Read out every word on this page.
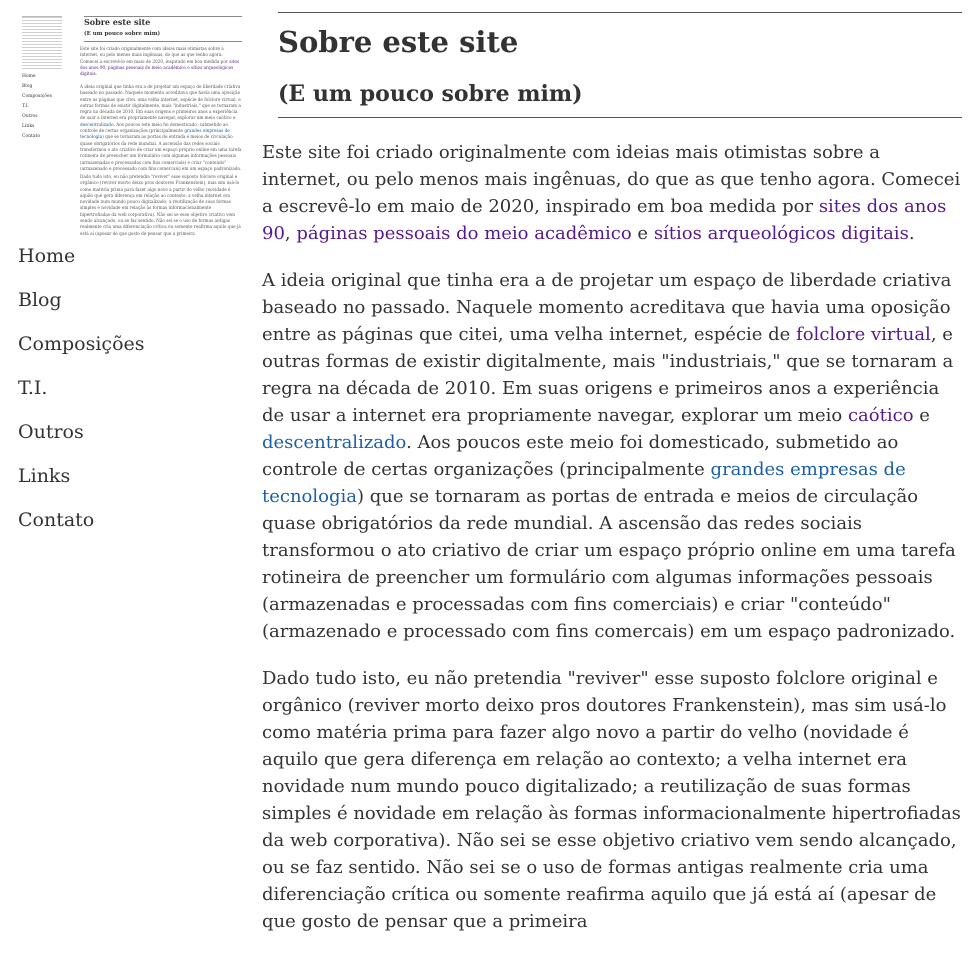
Home
Blog
Composições
T.I.
Outros
Links
Contato
Sobre este site
(E um pouco sobre mim)
Este site foi criado originalmente com ideias mais otimistas sobre a internet, ou pelo menos mais ingênuas, do que as que tenho agora. Comecei a escrevê-lo em maio de 2020, inspirado em boa medida por sites dos anos 90, páginas pessoais do meio acadêmico e sítios arqueológicos digitais.
A ideia original que tinha era a de projetar um espaço de liberdade criativa baseado no passado. Naquele momento acreditava que havia uma oposição entre as páginas que citei, uma velha internet, espécie de folclore virtual, e outras formas de existir digitalmente, mais "industriais," que se tornaram a regra na década de 2010. Em suas origens e primeiros anos a experiência de usar a internet era propriamente navegar, explorar um meio caótico e descentralizado. Aos poucos este meio foi domesticado, submetido ao controle de certas organizações (principalmente grandes empresas de tecnologia) que se tornaram as portas de entrada e meios de circulação quase obrigatórios da rede mundial. A ascensão das redes sociais transformou o ato criativo de criar um espaço próprio online em uma tarefa rotineira de preencher um formulário com algumas informações pessoais (armazenadas e processadas com fins comerciais) e criar "conteúdo" (armazenado e processado com fins comercais) em um espaço padronizado.
Dado tudo isto, eu não pretendia "reviver" esse suposto folclore original e orgânico (reviver morto deixo pros doutores Frankenstein), mas sim usá-lo como matéria prima para fazer algo novo a partir do velho (novidade é aquilo que gera diferença em relação ao contexto; a velha internet era novidade num mundo pouco digitalizado; a reutilização de suas formas simples é novidade em relação às formas informacionalmente hipertrofiadas da web corporativa). Não sei se esse objetivo criativo vem sendo alcançado, ou se faz sentido. Não sei se o uso de formas antigas realmente cria uma diferenciação crítica ou somente reafirma aquilo que já está aí (apesar de que gosto de pensar que a primeira
Home
Blog
Composições
T.I.
Outros
Links
Contato
Sobre este site
(E um pouco sobre mim)

Este site foi criado originalmente com ideias mais otimistas sobre a internet, ou pelo menos mais ingênuas, do que as que tenho agora. Comecei a escrevê-lo em maio de 2020, inspirado em boa medida por sites dos anos 90, páginas pessoais do meio acadêmico e sítios arqueológicos digitais.

A ideia original que tinha era a de projetar um espaço de liberdade criativa baseado no passado. Naquele momento acreditava que havia uma oposição entre as páginas que citei, uma velha internet, espécie de folclore virtual, e outras formas de existir digitalmente, mais "industriais," que se tornaram a regra na década de 2010. Em suas origens e primeiros anos a experiência de usar a internet era propriamente navegar, explorar um meio caótico e descentralizado. Aos poucos este meio foi domesticado, submetido ao controle de certas organizações (principalmente grandes empresas de tecnologia) que se tornaram as portas de entrada e meios de circulação quase obrigatórios da rede mundial. A ascensão das redes sociais transformou o ato criativo de criar um espaço próprio online em uma tarefa rotineira de preencher um formulário com algumas informações pessoais (armazenadas e processadas com fins comerciais) e criar "conteúdo" (armazenado e processado com fins comercais) em um espaço padronizado.

Dado tudo isto, eu não pretendia "reviver" esse suposto folclore original e orgânico (reviver morto deixo pros doutores Frankenstein), mas sim usá-lo como matéria prima para fazer algo novo a partir do velho (novidade é aquilo que gera diferença em relação ao contexto; a velha internet era novidade num mundo pouco digitalizado; a reutilização de suas formas simples é novidade em relação às formas informacionalmente hipertrofiadas da web corporativa). Não sei se esse objetivo criativo vem sendo alcançado, ou se faz sentido. Não sei se o uso de formas antigas realmente cria uma diferenciação crítica ou somente reafirma aquilo que já está aí (apesar de que gosto de pensar que a primeira
